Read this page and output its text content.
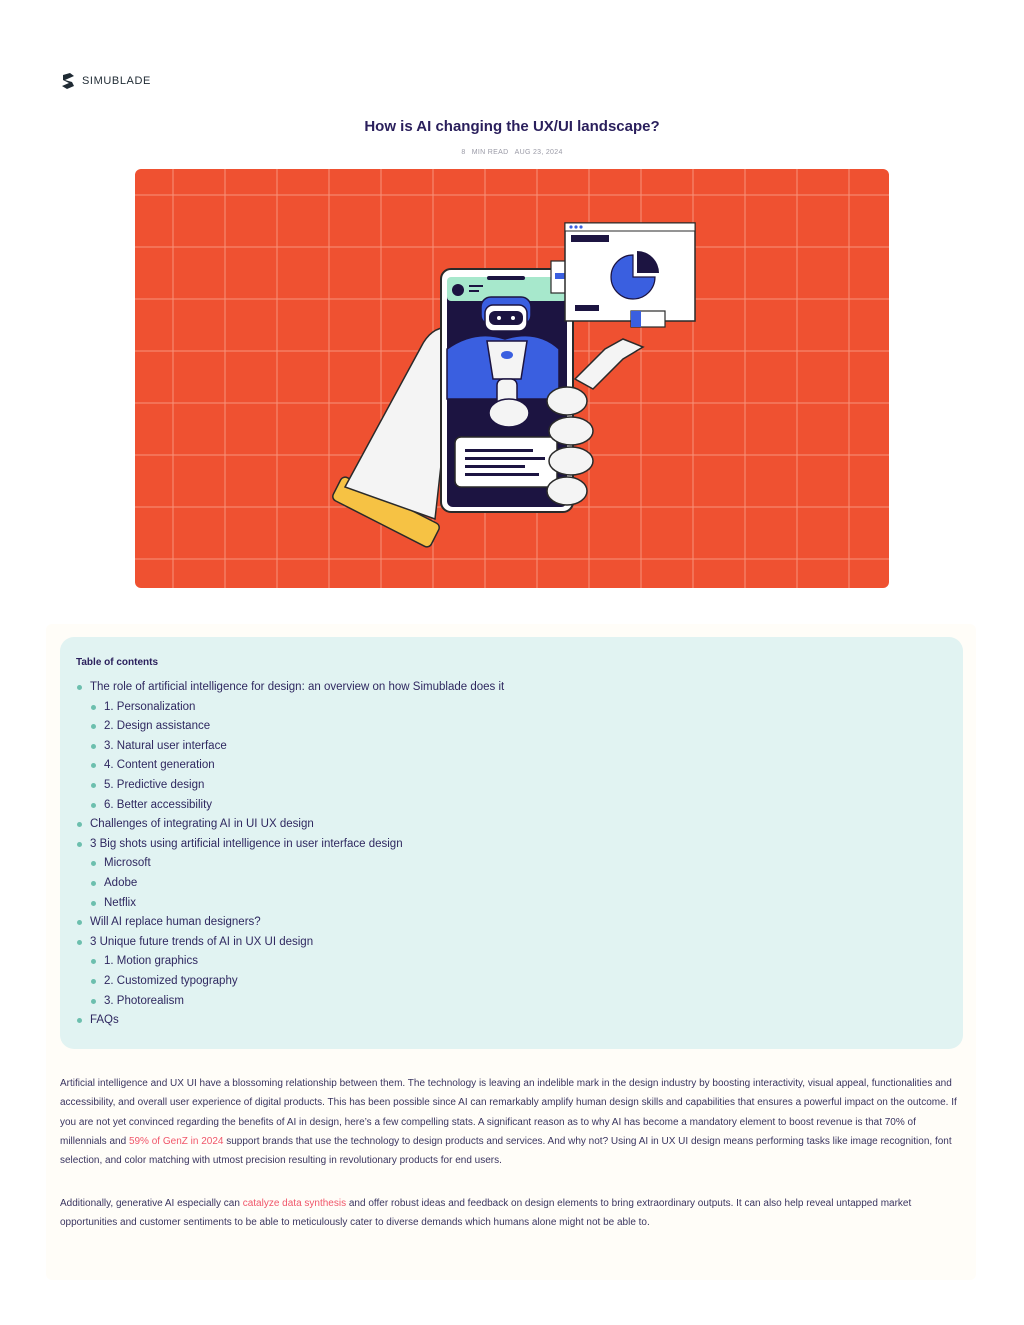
SIMUBLADE
How is AI changing the UX/UI landscape?
8 MIN READ AUG 23, 2024

Table of contents

The role of artificial intelligence for design: an overview on how Simublade does it
1. Personalization
2. Design assistance
3. Natural user interface
4. Content generation
5. Predictive design
6. Better accessibility
Challenges of integrating AI in UI UX design
3 Big shots using artificial intelligence in user interface design
Microsoft
Adobe
Netflix
Will AI replace human designers?
3 Unique future trends of AI in UX UI design
1. Motion graphics
2. Customized typography
3. Photorealism
FAQs

Artificial intelligence and UX UI have a blossoming relationship between them. The technology is leaving an indelible mark in the design industry by boosting interactivity, visual appeal, functionalities and accessibility, and overall user experience of digital products. This has been possible since AI can remarkably amplify human design skills and capabilities that ensures a powerful impact on the outcome. If you are not yet convinced regarding the benefits of AI in design, here’s a few compelling stats. A significant reason as to why AI has become a mandatory element to boost revenue is that 70% of millennials and 59% of GenZ in 2024 support brands that use the technology to design products and services. And why not? Using AI in UX UI design means performing tasks like image recognition, font selection, and color matching with utmost precision resulting in revolutionary products for end users.

Additionally, generative AI especially can catalyze data synthesis and offer robust ideas and feedback on design elements to bring extraordinary outputs. It can also help reveal untapped market opportunities and customer sentiments to be able to meticulously cater to diverse demands which humans alone might not be able to.
